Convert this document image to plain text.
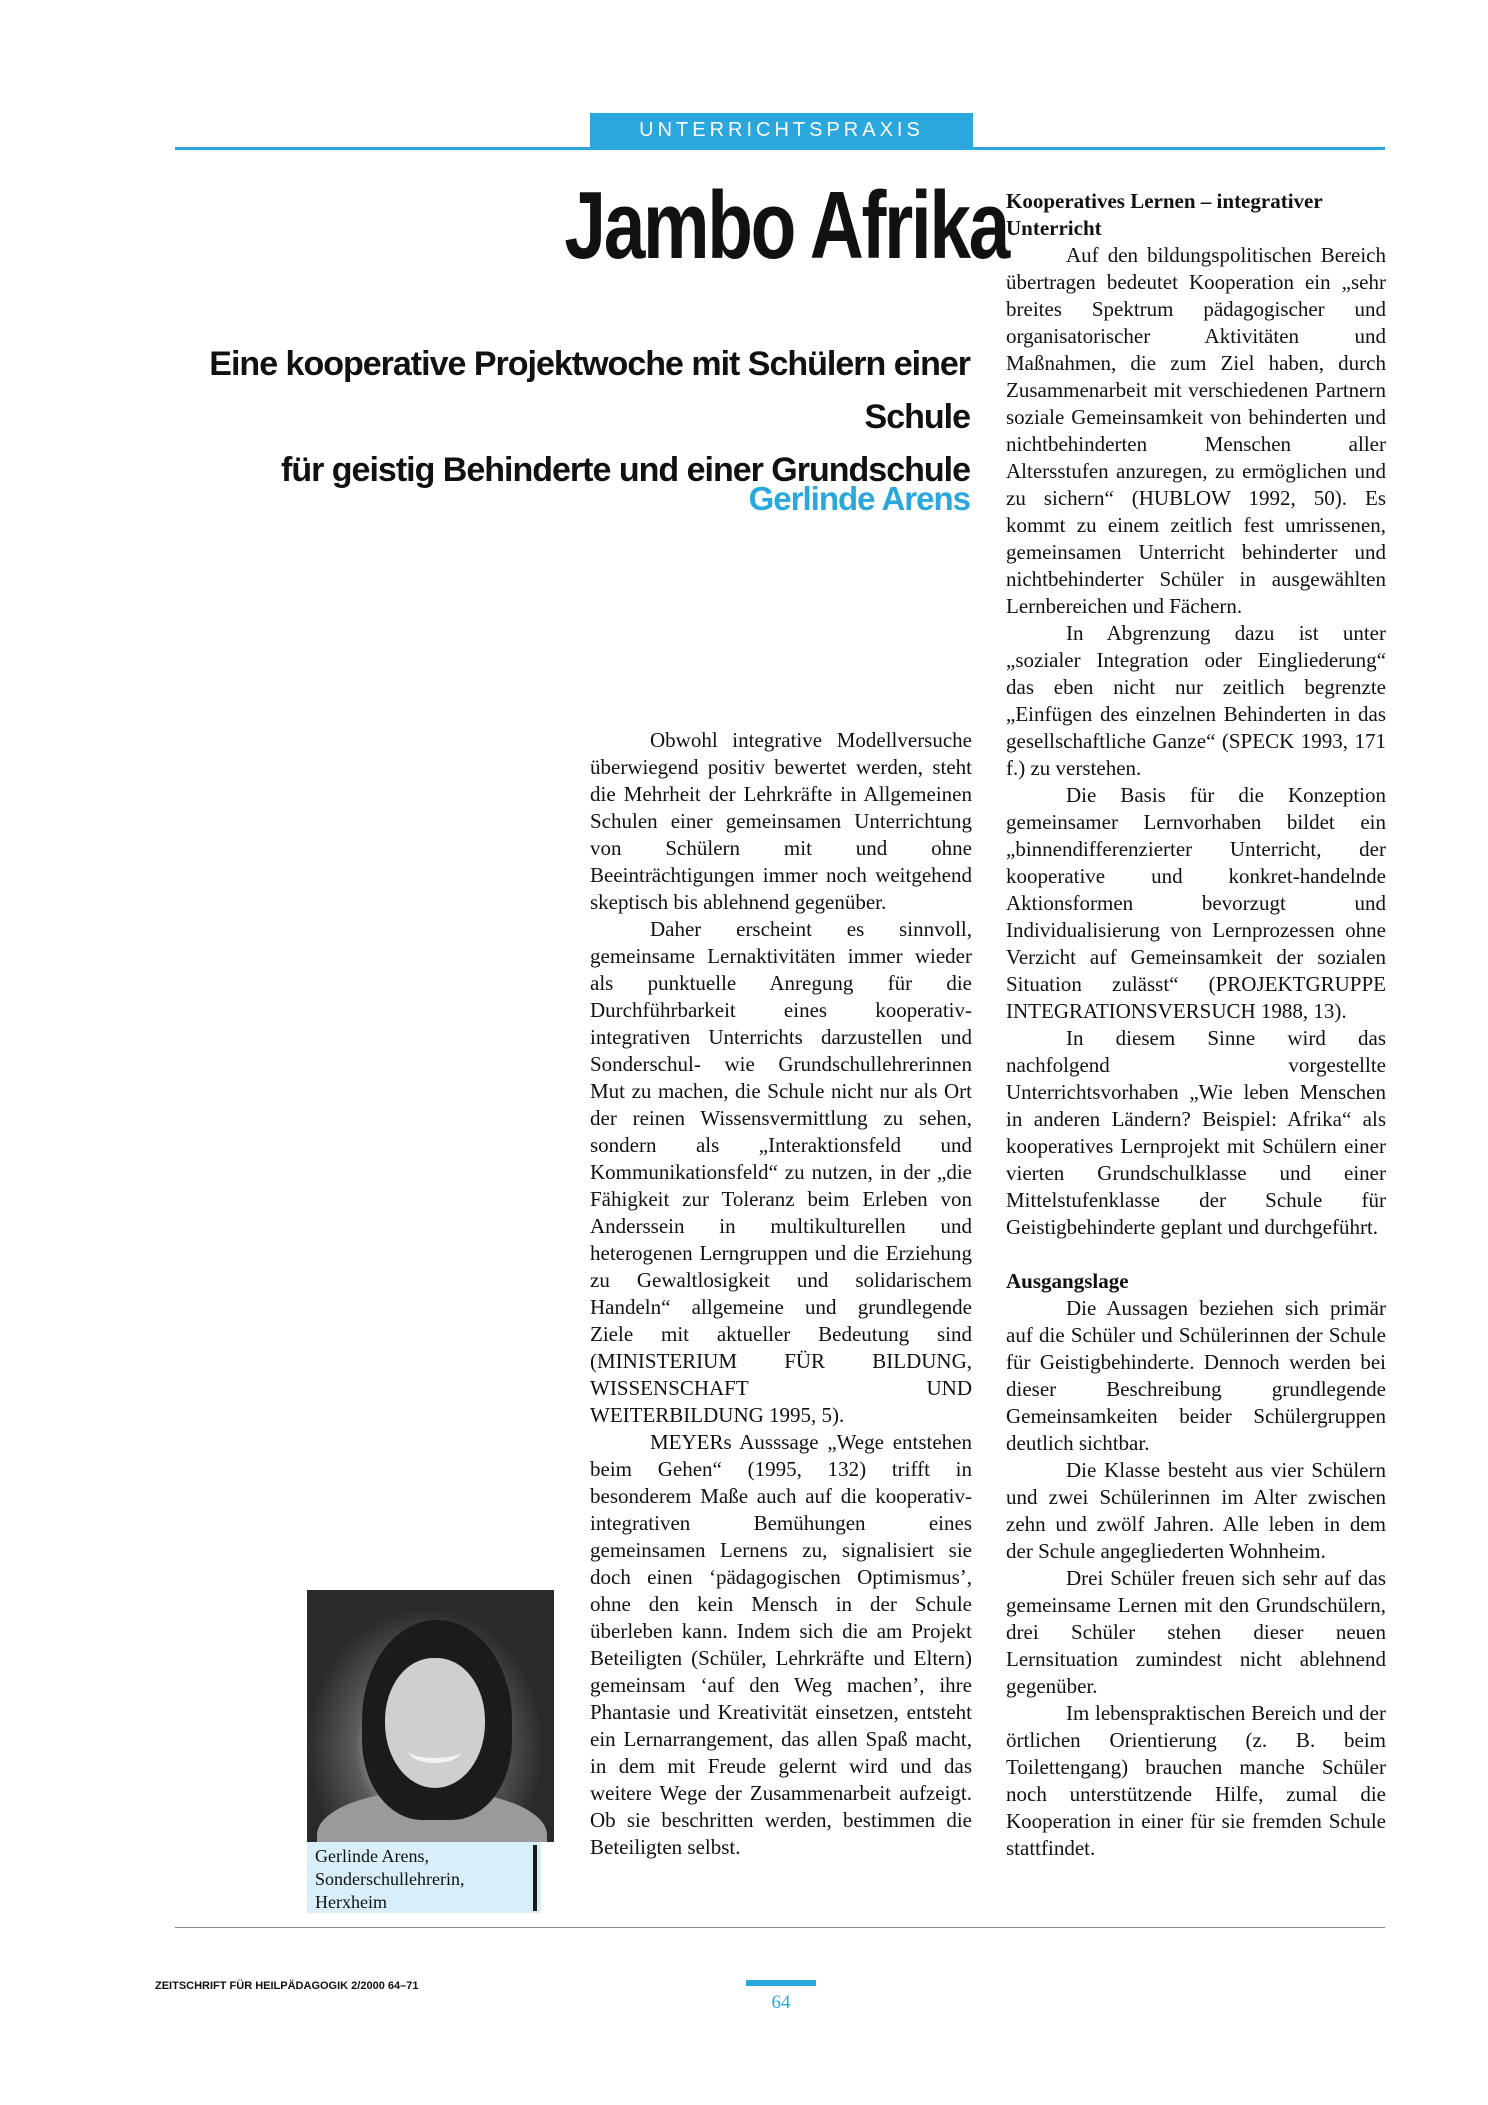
UNTERRICHTSPRAXIS
Jambo Afrika
Eine kooperative Projektwoche mit Schülern einer Schule
für geistig Behinderte und einer Grundschule
Gerlinde Arens

Obwohl integrative Modellversuche überwiegend positiv bewertet werden, steht die Mehrheit der Lehrkräfte in Allgemeinen Schulen einer gemeinsamen Unterrichtung von Schülern mit und ohne Beeinträchtigungen immer noch weitgehend skeptisch bis ablehnend gegenüber.

Daher erscheint es sinnvoll, gemeinsame Lernaktivitäten immer wieder als punktuelle Anregung für die Durchführbarkeit eines kooperativ-integrativen Unterrichts darzustellen und Sonderschul- wie Grundschullehrerinnen Mut zu machen, die Schule nicht nur als Ort der reinen Wissensvermittlung zu sehen, sondern als „Interaktionsfeld und Kommunikationsfeld“ zu nutzen, in der „die Fähigkeit zur Toleranz beim Erleben von Anderssein in multikulturellen und heterogenen Lerngruppen und die Erziehung zu Gewaltlosigkeit und solidarischem Handeln“ allgemeine und grundlegende Ziele mit aktueller Bedeutung sind (MINISTERIUM FÜR BILDUNG, WISSENSCHAFT UND WEITERBILDUNG 1995, 5).

MEYERs Ausssage „Wege entstehen beim Gehen“ (1995, 132) trifft in besonderem Maße auch auf die kooperativ-integrativen Bemühungen eines gemeinsamen Lernens zu, signalisiert sie doch einen ‘pädagogischen Optimismus’, ohne den kein Mensch in der Schule überleben kann. Indem sich die am Projekt Beteiligten (Schüler, Lehrkräfte und Eltern) gemeinsam ‘auf den Weg machen’, ihre Phantasie und Kreativität einsetzen, entsteht ein Lernarrangement, das allen Spaß macht, in dem mit Freude gelernt wird und das weitere Wege der Zusammenarbeit aufzeigt. Ob sie beschritten werden, bestimmen die Beteiligten selbst.

Kooperatives Lernen – integrativer Unterricht

Auf den bildungspolitischen Bereich übertragen bedeutet Kooperation ein „sehr breites Spektrum pädagogischer und organisatorischer Aktivitäten und Maßnahmen, die zum Ziel haben, durch Zusammenarbeit mit verschiedenen Partnern soziale Gemeinsamkeit von behinderten und nichtbehinderten Menschen aller Altersstufen anzuregen, zu ermöglichen und zu sichern“ (HUBLOW 1992, 50). Es kommt zu einem zeitlich fest umrissenen, gemeinsamen Unterricht behinderter und nichtbehinderter Schüler in ausgewählten Lernbereichen und Fächern.

In Abgrenzung dazu ist unter „sozialer Integration oder Eingliederung“ das eben nicht nur zeitlich begrenzte „Einfügen des einzelnen Behinderten in das gesellschaftliche Ganze“ (SPECK 1993, 171 f.) zu verstehen.

Die Basis für die Konzeption gemeinsamer Lernvorhaben bildet ein „binnendifferenzierter Unterricht, der kooperative und konkret-handelnde Aktionsformen bevorzugt und Individualisierung von Lernprozessen ohne Verzicht auf Gemeinsamkeit der sozialen Situation zulässt“ (PROJEKTGRUPPE INTEGRATIONSVERSUCH 1988, 13).

In diesem Sinne wird das nachfolgend vorgestellte Unterrichtsvorhaben „Wie leben Menschen in anderen Ländern? Beispiel: Afrika“ als kooperatives Lernprojekt mit Schülern einer vierten Grundschulklasse und einer Mittelstufenklasse der Schule für Geistigbehinderte geplant und durchgeführt.

Ausgangslage

Die Aussagen beziehen sich primär auf die Schüler und Schülerinnen der Schule für Geistigbehinderte. Dennoch werden bei dieser Beschreibung grundlegende Gemeinsamkeiten beider Schülergruppen deutlich sichtbar.

Die Klasse besteht aus vier Schülern und zwei Schülerinnen im Alter zwischen zehn und zwölf Jahren. Alle leben in dem der Schule angegliederten Wohnheim.

Drei Schüler freuen sich sehr auf das gemeinsame Lernen mit den Grundschülern, drei Schüler stehen dieser neuen Lernsituation zumindest nicht ablehnend gegenüber.

Im lebenspraktischen Bereich und der örtlichen Orientierung (z. B. beim Toilettengang) brauchen manche Schüler noch unterstützende Hilfe, zumal die Kooperation in einer für sie fremden Schule stattfindet.

Gerlinde Arens,
Sonderschullehrerin,
Herxheim
ZEITSCHRIFT FÜR HEILPÄDAGOGIK 2/2000 64–71
64
